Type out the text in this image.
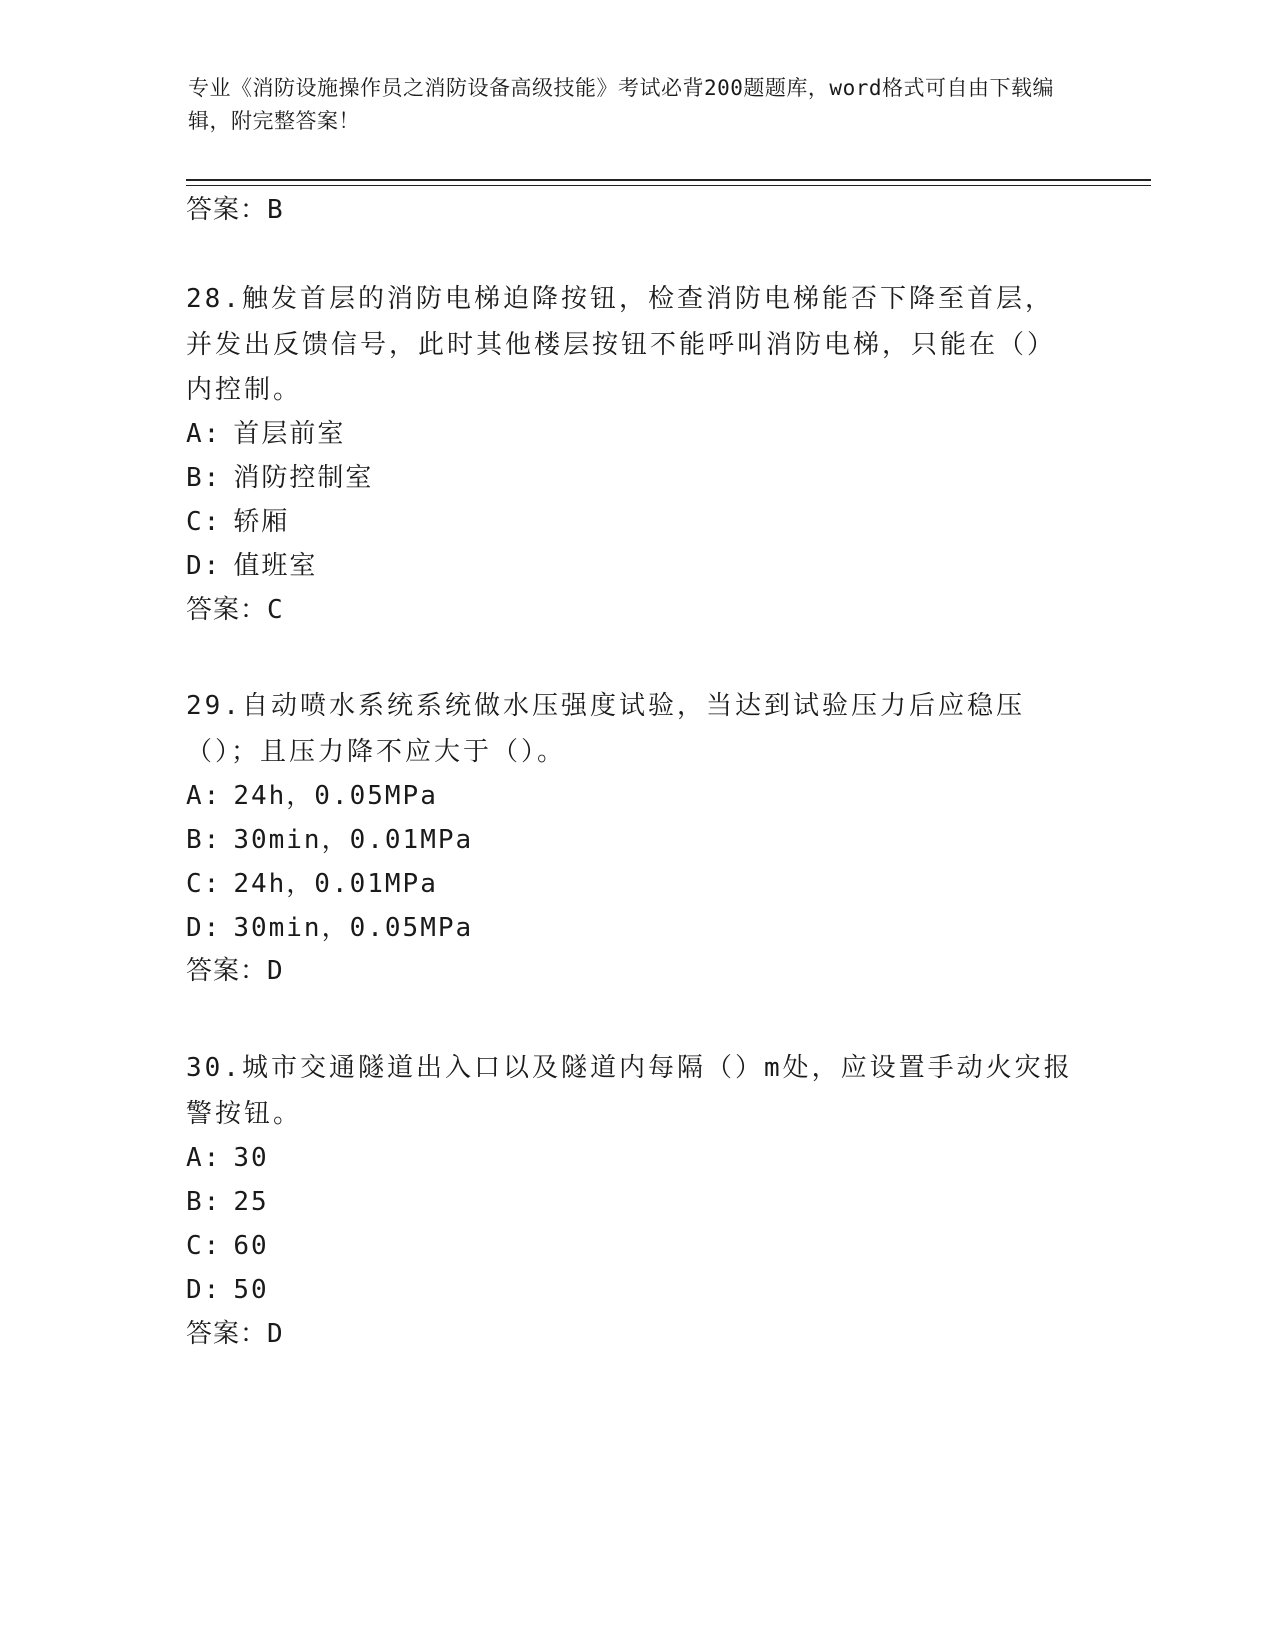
专业《消防设施操作员之消防设备高级技能》考试必背200题题库，word格式可自由下载编辑，附完整答案！

答案：B

28.触发首层的消防电梯迫降按钮，检查消防电梯能否下降至首层，并发出反馈信号，此时其他楼层按钮不能呼叫消防电梯，只能在（）内控制。

A: 首层前室

B: 消防控制室

C: 轿厢

D: 值班室

答案：C

29.自动喷水系统系统做水压强度试验，当达到试验压力后应稳压（）；且压力降不应大于（）。

A: 24h，0.05MPa

B: 30min，0.01MPa

C: 24h，0.01MPa

D: 30min，0.05MPa

答案：D

30.城市交通隧道出入口以及隧道内每隔（）m处，应设置手动火灾报警按钮。

A: 30

B: 25

C: 60

D: 50

答案：D
